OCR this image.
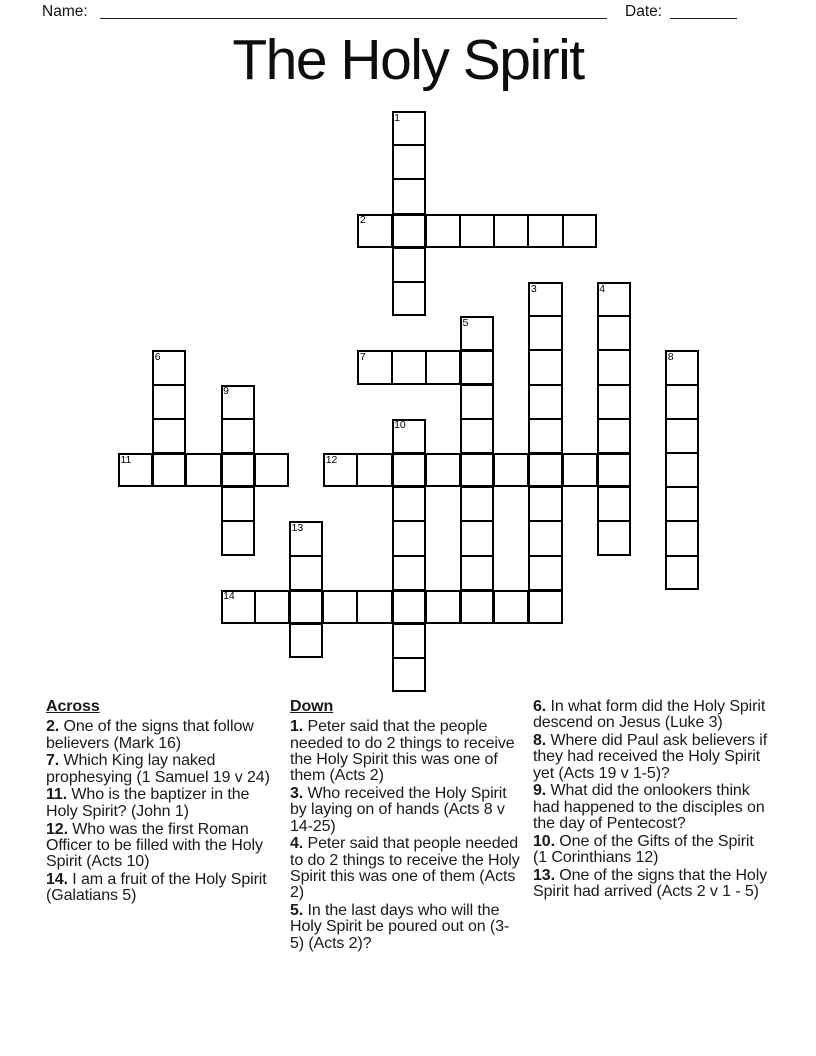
Name:	Date:
The Holy Spirit
1
2
3	4
5
6	7	8
9
10
11	12
13
14
Across

2. One of the signs that follow believers (Mark 16)

7. Which King lay naked prophesying (1 Samuel 19 v 24)

11. Who is the baptizer in the Holy Spirit? (John 1)

12. Who was the first Roman Officer to be filled with the Holy Spirit (Acts 10)

14. I am a fruit of the Holy Spirit (Galatians 5)

Down

1. Peter said that the people needed to do 2 things to receive the Holy Spirit this was one of them (Acts 2)

3. Who received the Holy Spirit by laying on of hands (Acts 8 v 14-25)

4. Peter said that people needed to do 2 things to receive the Holy Spirit this was one of them (Acts 2)

5. In the last days who will the Holy Spirit be poured out on (3-5) (Acts 2)?

6. In what form did the Holy Spirit descend on Jesus (Luke 3)

8. Where did Paul ask believers if they had received the Holy Spirit yet (Acts 19 v 1-5)?

9. What did the onlookers think had happened to the disciples on the day of Pentecost?

10. One of the Gifts of the Spirit (1 Corinthians 12)

13. One of the signs that the Holy Spirit had arrived (Acts 2 v 1 - 5)
